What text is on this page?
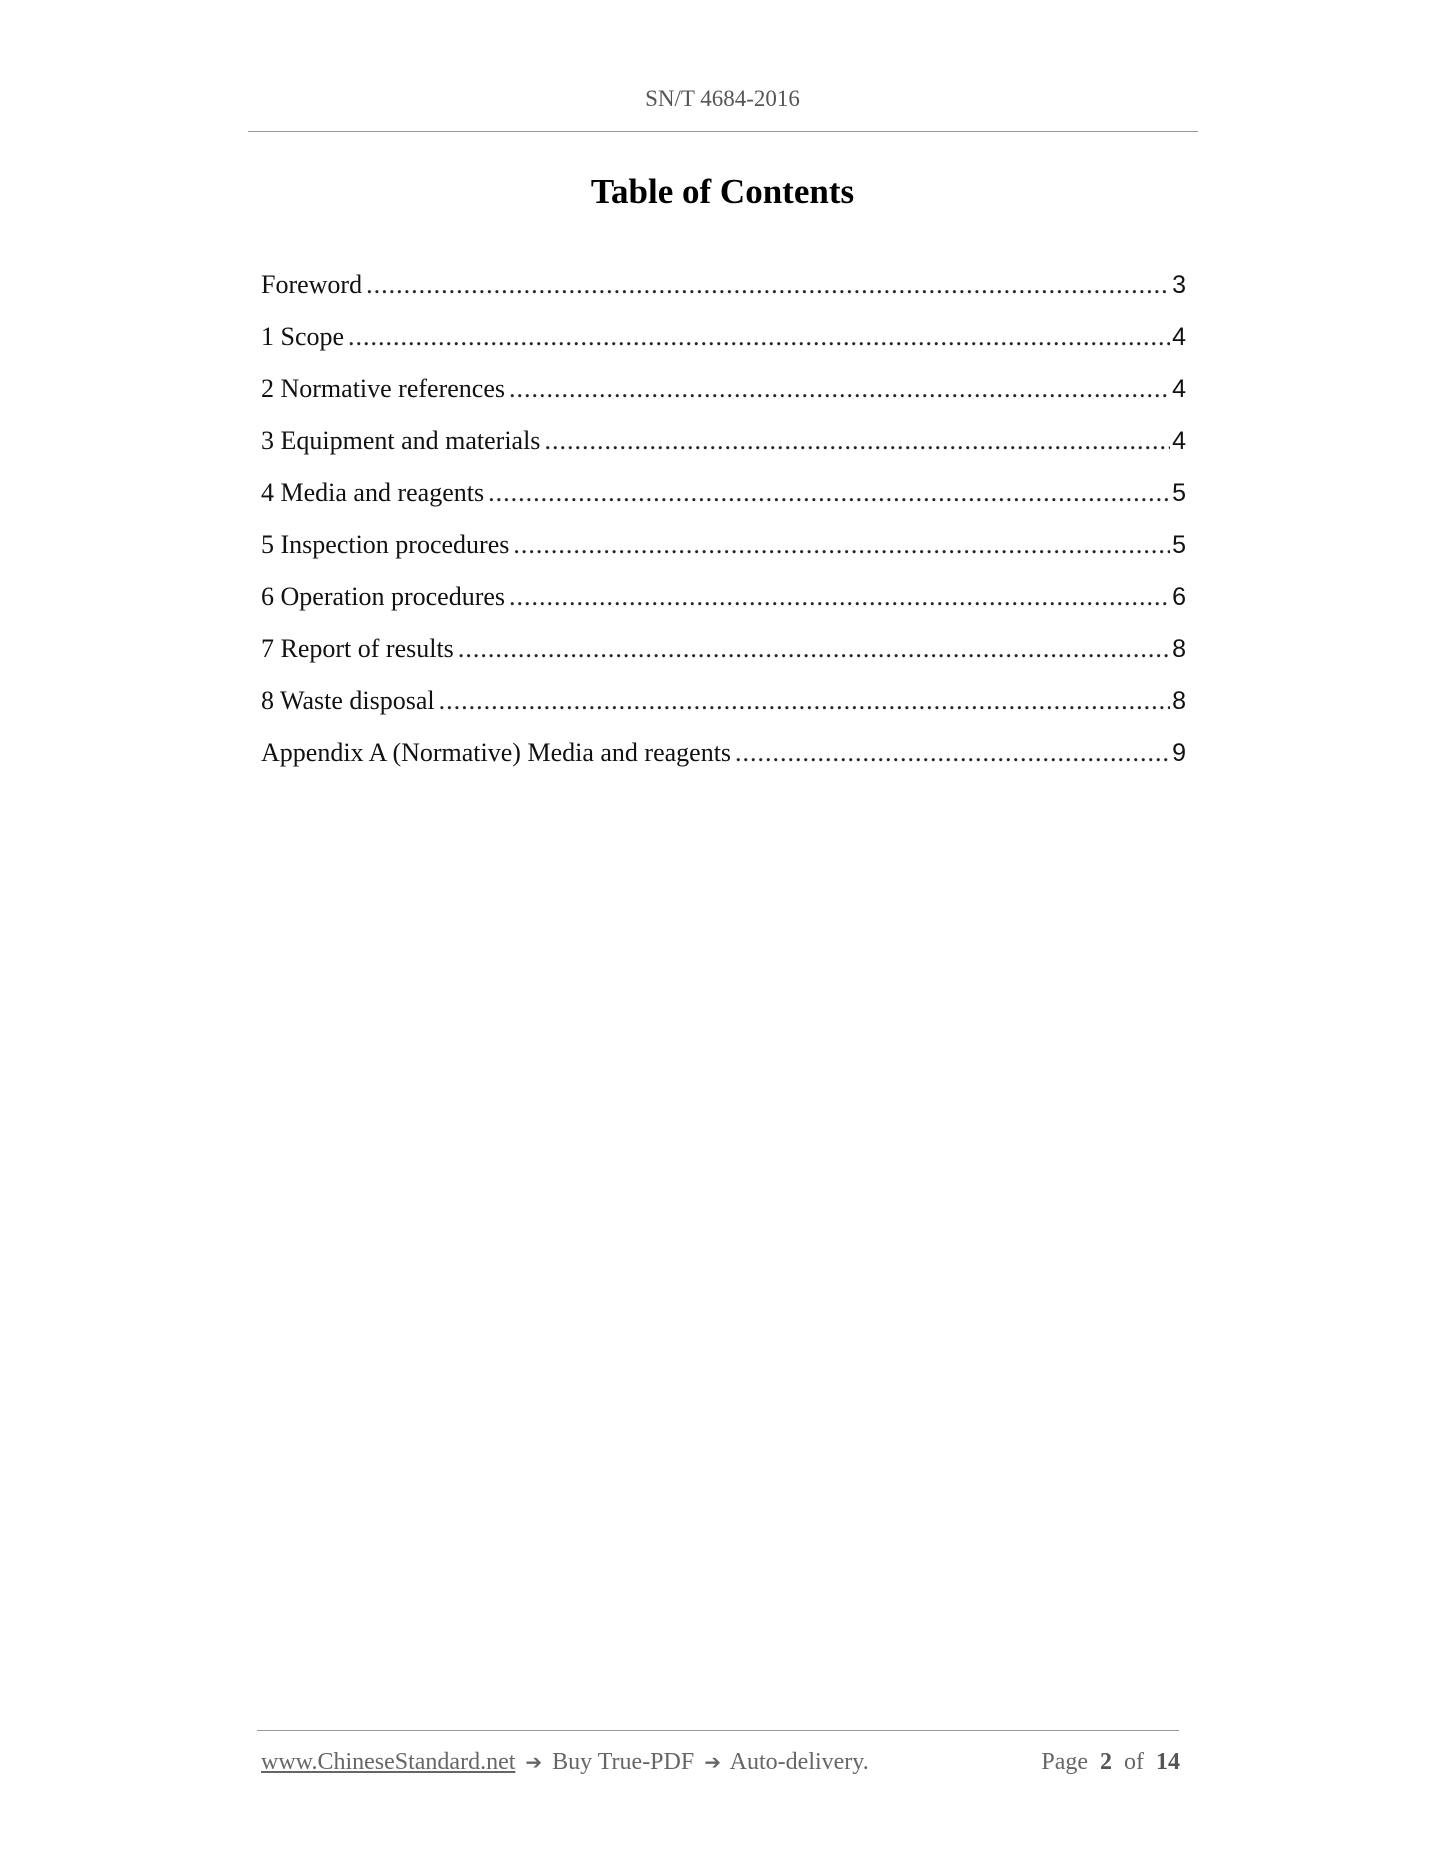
SN/T 4684-2016
Table of Contents
Foreword .....	3
1 Scope .....	4
2 Normative references .....	4
3 Equipment and materials .....	4
4 Media and reagents .....	5
5 Inspection procedures .....	5
6 Operation procedures .....	6
7 Report of results .....	8
8 Waste disposal .....	8
Appendix A (Normative) Media and reagents .....	9
www.ChineseStandard.net ➔ Buy True-PDF ➔ Auto-delivery.	Page 2 of 14
